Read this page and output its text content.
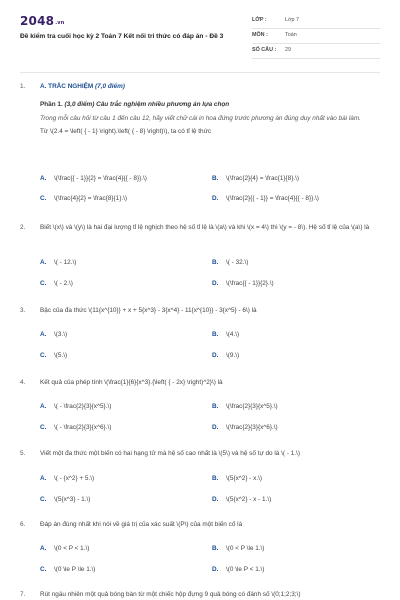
2048.vn
Đề kiểm tra cuối học kỳ 2 Toán 7 Kết nối tri thức có đáp án - Đề 3
LỚP :	Lớp 7
MÔN :	Toán
SỐ CÂU :	29
1.	A. TRẮC NGHIỆM (7,0 điểm)
Phần 1. (3,0 điểm) Câu trắc nghiệm nhiều phương án lựa chọn
Trong mỗi câu hỏi từ câu 1 đến câu 12, hãy viết chữ cái in hoa đứng trước phương án đúng duy nhất vào bài làm.
Từ \(2.4 = \left( { - 1} \right).\left( { - 8} \right)\), ta có tỉ lệ thức
A. \(\frac{{ - 1}}{2} = \frac{4}{{ - 8}}.\)	B. \(\frac{2}{4} = \frac{1}{8}.\)
C. \(\frac{4}{2} = \frac{8}{1}.\)	D. \(\frac{2}{{ - 1}} = \frac{4}{{ - 8}}.\)
2.	Biết \(x\) và \(y\) là hai đại lượng tỉ lệ nghịch theo hệ số tỉ lệ là \(a\) và khi \(x = 4\) thì \(y = - 8\). Hệ số tỉ lệ của \(a\) là
A. \( - 12.\)	B. \( - 32.\)
C. \( - 2.\)	D. \(\frac{{ - 1}}{2}.\)
3.	Bậc của đa thức \(11{x^{10}} + x + 5{x^3} - 3{x^4} - 11{x^{10}} - 3{x^5} - 6\) là
A. \(3.\)	B. \(4.\)
C. \(5.\)	D. \(9.\)
4.	Kết quả của phép tính \(\frac{1}{6}{x^3}.{\left( { - 2x} \right)^2}\) là
A. \( - \frac{2}{3}{x^5}.\)	B. \(\frac{2}{3}{x^5}.\)
C. \( - \frac{2}{3}{x^6}.\)	D. \(\frac{2}{3}{x^6}.\)
5.	Viết một đa thức một biến có hai hạng tử mà hệ số cao nhất là \(5\) và hệ số tự do là \( - 1.\)
A. \( - {x^2} + 5.\)	B. \(5{x^2} - x.\)
C. \(5{x^3} - 1.\)	D. \(5{x^2} - x - 1.\)
6.	Đáp án đúng nhất khi nói về giá trị của xác suất \(P\) của một biến cố là
A. \(0 < P < 1.\)	B. \(0 < P \le 1.\)
C. \(0 \le P \le 1.\)	D. \(0 \le P < 1.\)
7.	Rút ngẫu nhiên một quả bóng bàn từ một chiếc hộp đựng 9 quả bóng có đánh số \(0;1;2;3;\)
